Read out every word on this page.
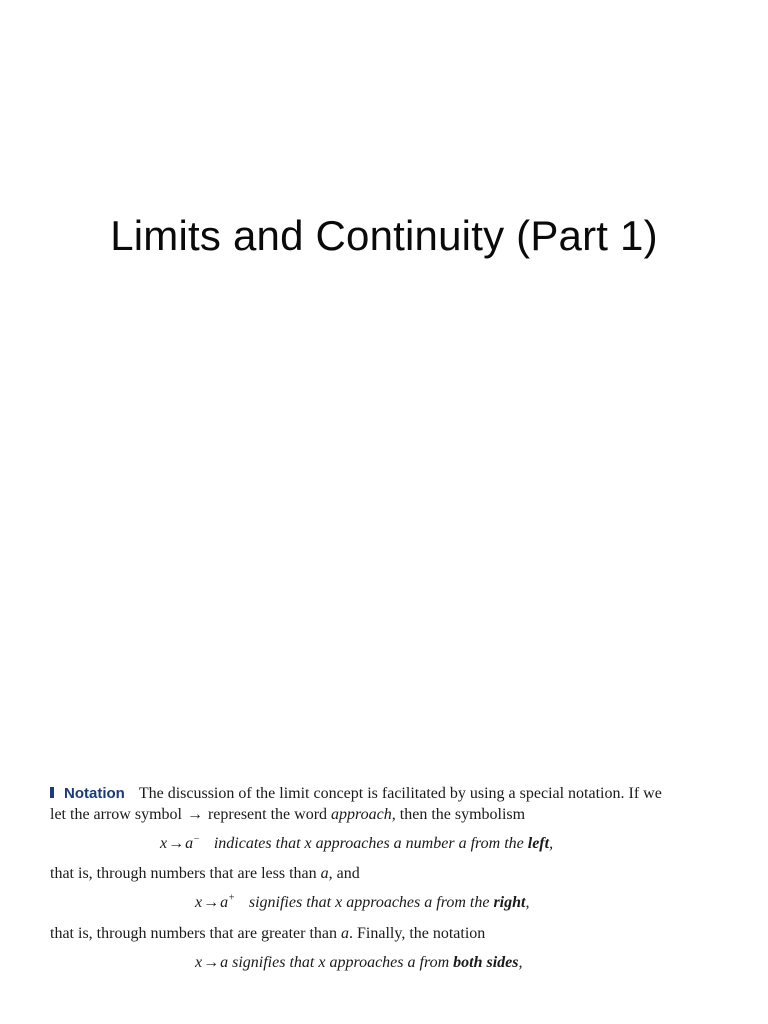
Limits and Continuity (Part 1)
Notation The discussion of the limit concept is facilitated by using a special notation. If we
let the arrow symbol → represent the word approach, then the symbolism
x→a− indicates that x approaches a number a from the left,
that is, through numbers that are less than a, and
x→a+ signifies that x approaches a from the right,
that is, through numbers that are greater than a. Finally, the notation
x→a signifies that x approaches a from both sides,
